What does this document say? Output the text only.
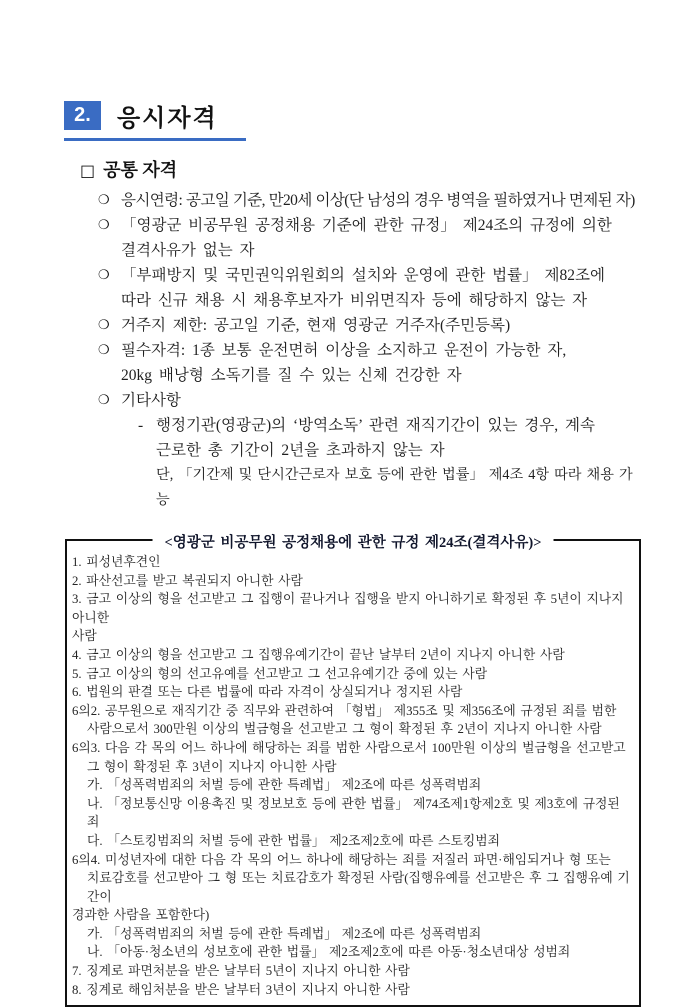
2.	응시자격
□ 공통 자격
❍ 응시연령: 공고일 기준, 만20세 이상(단 남성의 경우 병역을 필하였거나 면제된 자)
❍ 「영광군 비공무원 공정채용 기준에 관한 규정」 제24조의 규정에 의한
결격사유가 없는 자
❍ 「부패방지 및 국민권익위원회의 설치와 운영에 관한 법률」 제82조에
따라 신규 채용 시 채용후보자가 비위면직자 등에 해당하지 않는 자
❍ 거주지 제한: 공고일 기준, 현재 영광군 거주자(주민등록)
❍ 필수자격: 1종 보통 운전면허 이상을 소지하고 운전이 가능한 자,
20kg 배낭형 소독기를 질 수 있는 신체 건강한 자
❍ 기타사항
- 행정기관(영광군)의 ‘방역소독’ 관련 재직기간이 있는 경우, 계속
근로한 총 기간이 2년을 초과하지 않는 자
단, 「기간제 및 단시간근로자 보호 등에 관한 법률」 제4조 4항 따라 채용 가능
<영광군 비공무원 공정채용에 관한 규정 제24조(결격사유)>
1. 피성년후견인
2. 파산선고를 받고 복권되지 아니한 사람
3. 금고 이상의 형을 선고받고 그 집행이 끝나거나 집행을 받지 아니하기로 확정된 후 5년이 지나지 아니한
사람
4. 금고 이상의 형을 선고받고 그 집행유예기간이 끝난 날부터 2년이 지나지 아니한 사람
5. 금고 이상의 형의 선고유예를 선고받고 그 선고유예기간 중에 있는 사람
6. 법원의 판결 또는 다른 법률에 따라 자격이 상실되거나 정지된 사람
6의2. 공무원으로 재직기간 중 직무와 관련하여 「형법」 제355조 및 제356조에 규정된 죄를 범한
사람으로서 300만원 이상의 벌금형을 선고받고 그 형이 확정된 후 2년이 지나지 아니한 사람
6의3. 다음 각 목의 어느 하나에 해당하는 죄를 범한 사람으로서 100만원 이상의 벌금형을 선고받고
그 형이 확정된 후 3년이 지나지 아니한 사람
가. 「성폭력범죄의 처벌 등에 관한 특례법」 제2조에 따른 성폭력범죄
나. 「정보통신망 이용촉진 및 정보보호 등에 관한 법률」 제74조제1항제2호 및 제3호에 규정된 죄
다. 「스토킹범죄의 처벌 등에 관한 법률」 제2조제2호에 따른 스토킹범죄
6의4. 미성년자에 대한 다음 각 목의 어느 하나에 해당하는 죄를 저질러 파면·해임되거나 형 또는
치료감호를 선고받아 그 형 또는 치료감호가 확정된 사람(집행유예를 선고받은 후 그 집행유예 기간이
경과한 사람을 포함한다)
가. 「성폭력범죄의 처벌 등에 관한 특례법」 제2조에 따른 성폭력범죄
나. 「아동·청소년의 성보호에 관한 법률」 제2조제2호에 따른 아동·청소년대상 성범죄
7. 징계로 파면처분을 받은 날부터 5년이 지나지 아니한 사람
8. 징계로 해임처분을 받은 날부터 3년이 지나지 아니한 사람
